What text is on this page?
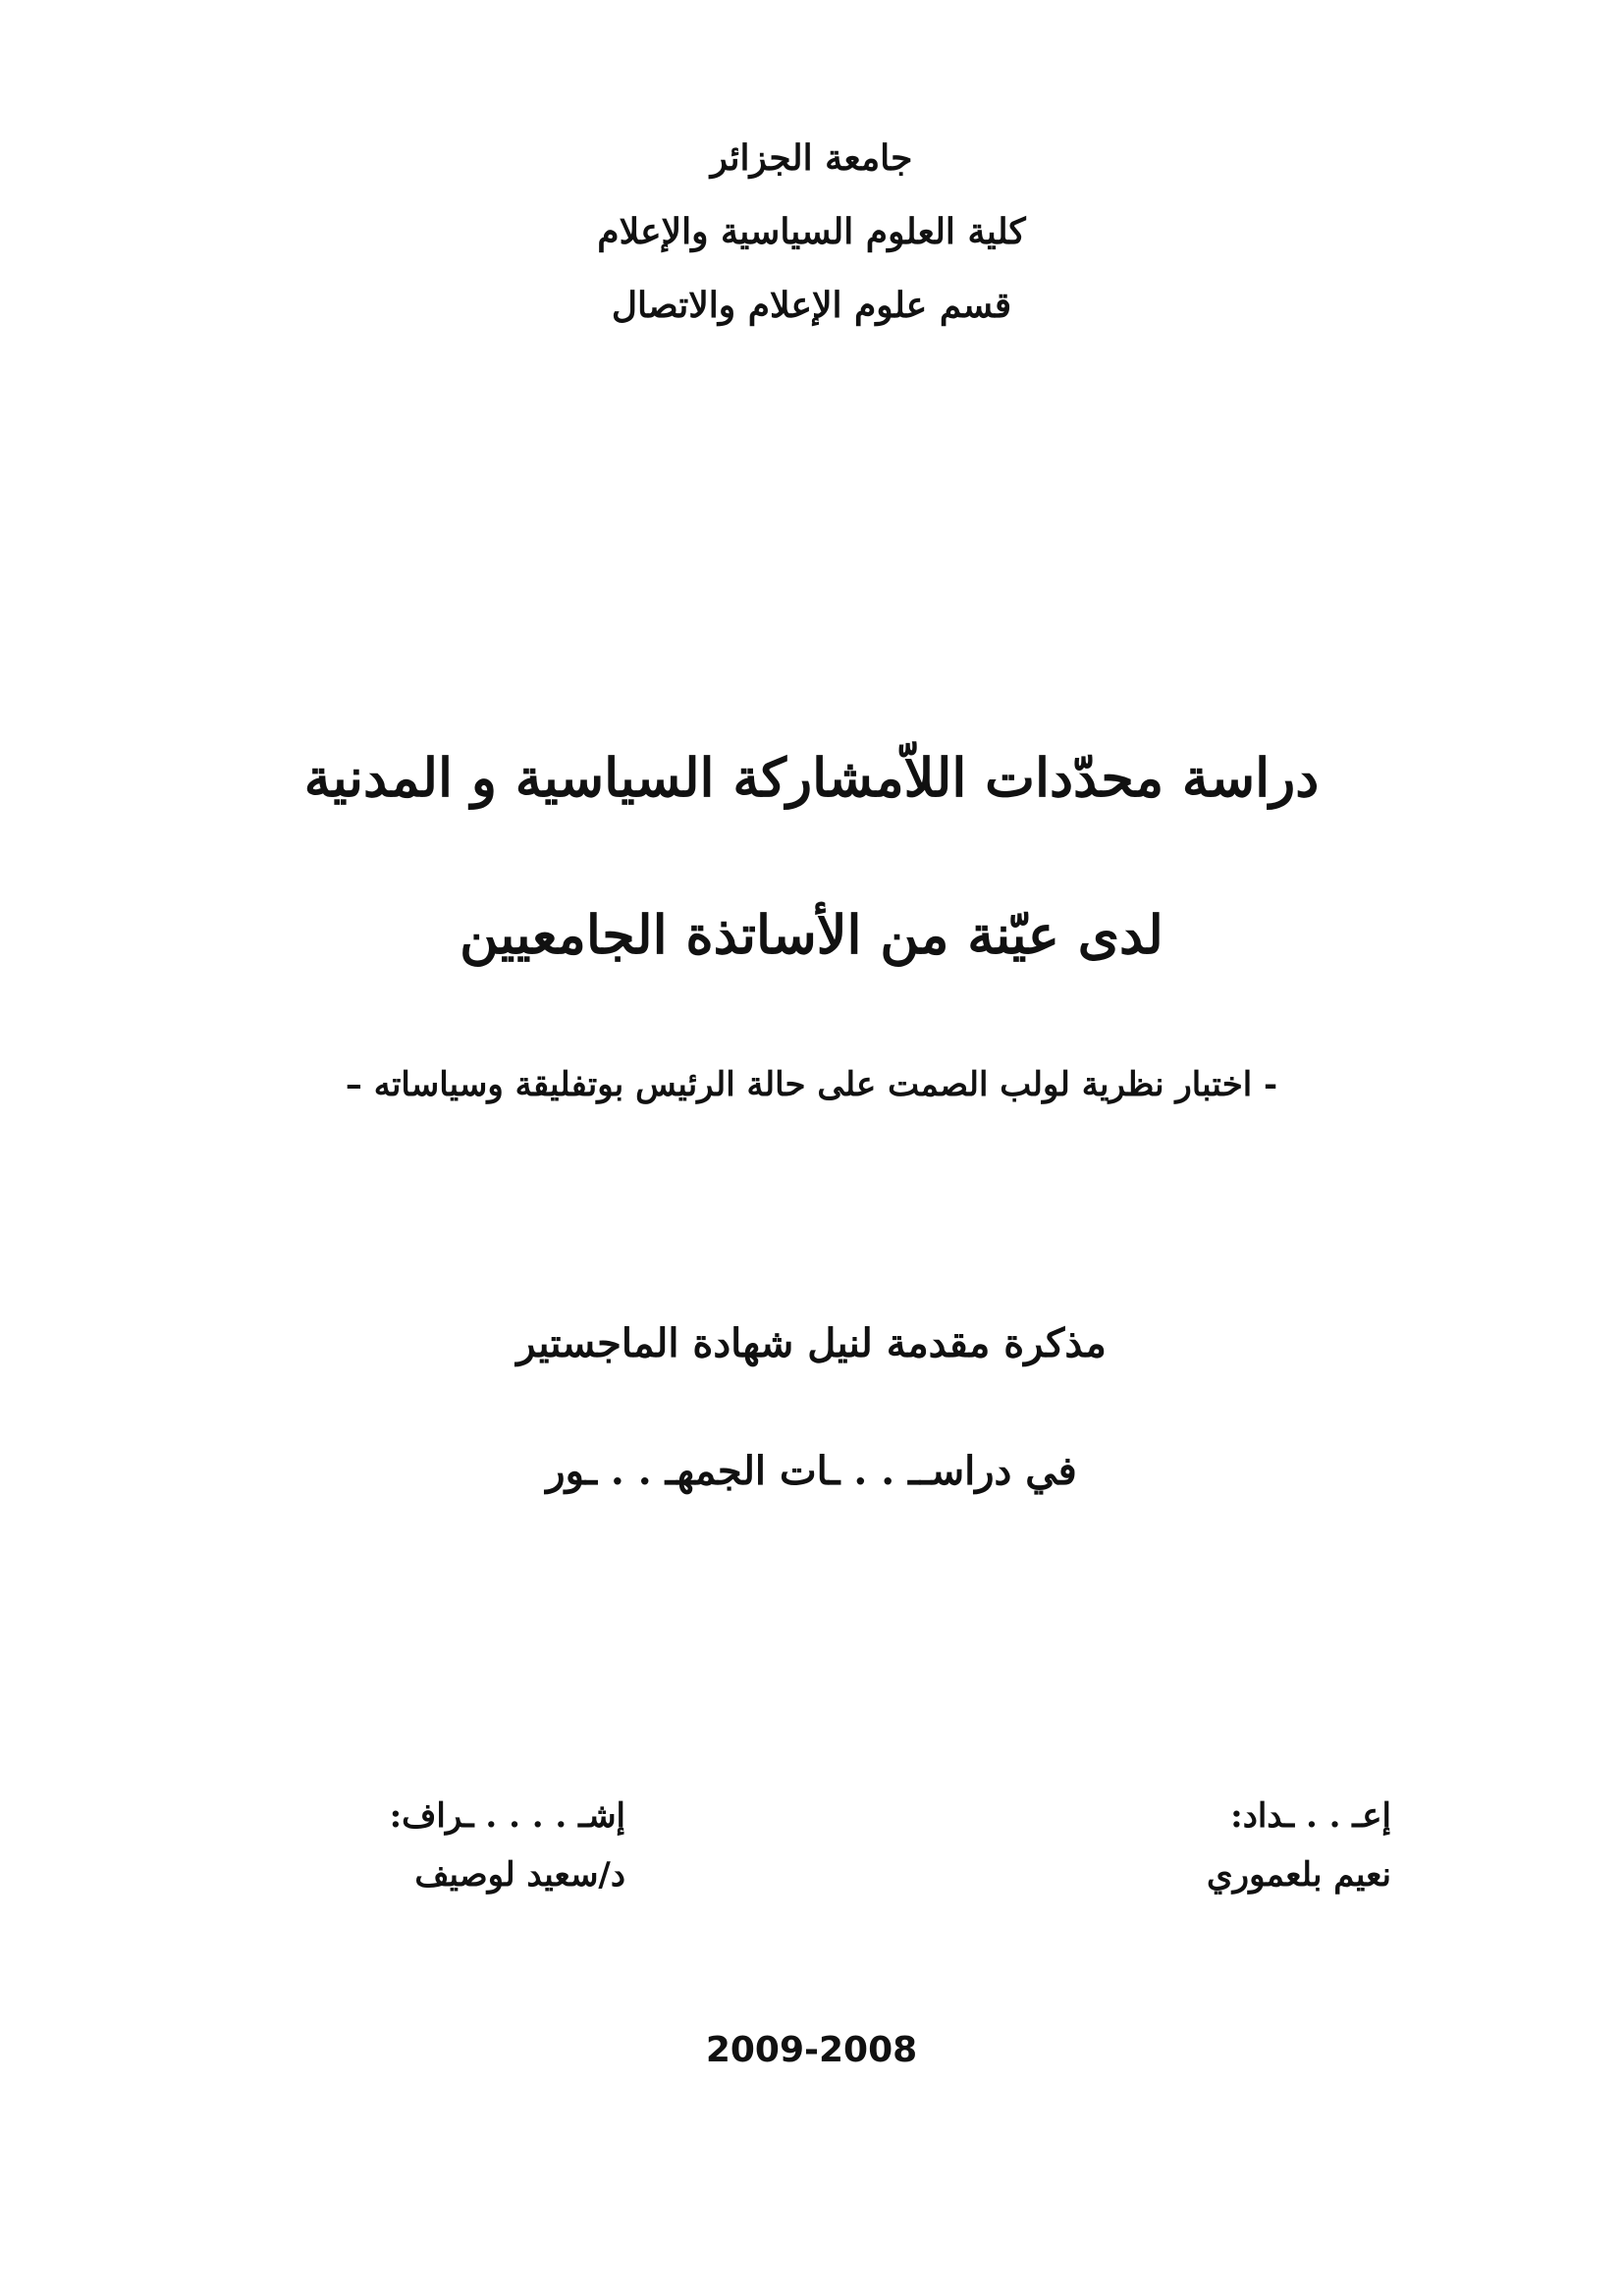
جامعة الجزائر
كلية العلوم السياسية والإعلام
قسم علوم الإعلام والاتصال
دراسة محدّدات اللاّمشاركة السياسية و المدنية
لدى عيّنة من الأساتذة الجامعيين
- اختبار نظرية لولب الصمت على حالة الرئيس بوتفليقة وسياساته –
مذكرة مقدمة لنيل شهادة الماجستير
في دراســ . . ـات الجمهـ . . ـور
إعـ . . ـداد:
نعيم بلعموري
إشـ . . . . ـراف:
د/سعيد لوصيف
2009-2008
